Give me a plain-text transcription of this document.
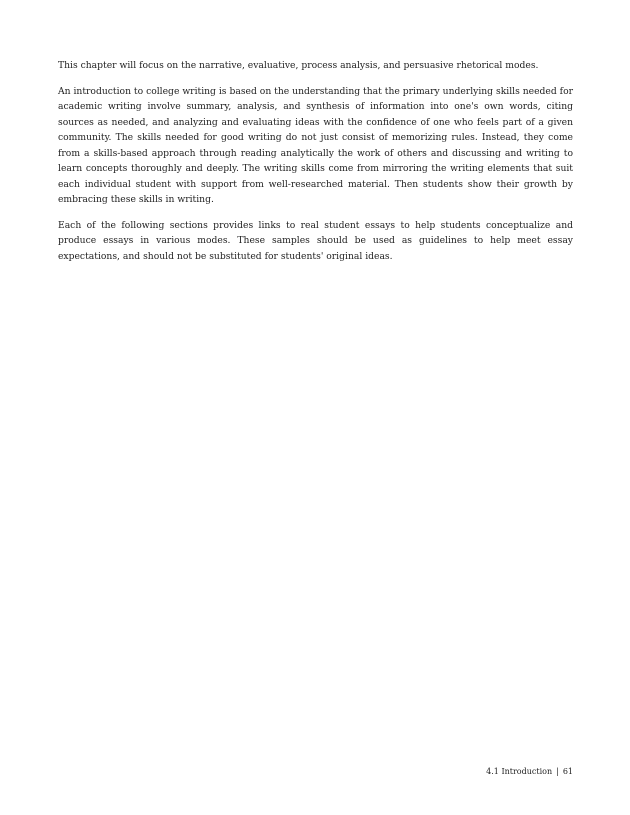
This chapter will focus on the narrative, evaluative, process analysis, and persuasive rhetorical modes.

An introduction to college writing is based on the understanding that the primary underlying skills needed for academic writing involve summary, analysis, and synthesis of information into one's own words, citing sources as needed, and analyzing and evaluating ideas with the confidence of one who feels part of a given community. The skills needed for good writing do not just consist of memorizing rules. Instead, they come from a skills-based approach through reading analytically the work of others and discussing and writing to learn concepts thoroughly and deeply. The writing skills come from mirroring the writing elements that suit each individual student with support from well-researched material. Then students show their growth by embracing these skills in writing.

Each of the following sections provides links to real student essays to help students conceptualize and produce essays in various modes. These samples should be used as guidelines to help meet essay expectations, and should not be substituted for students' original ideas.

4.1 Introduction | 61
